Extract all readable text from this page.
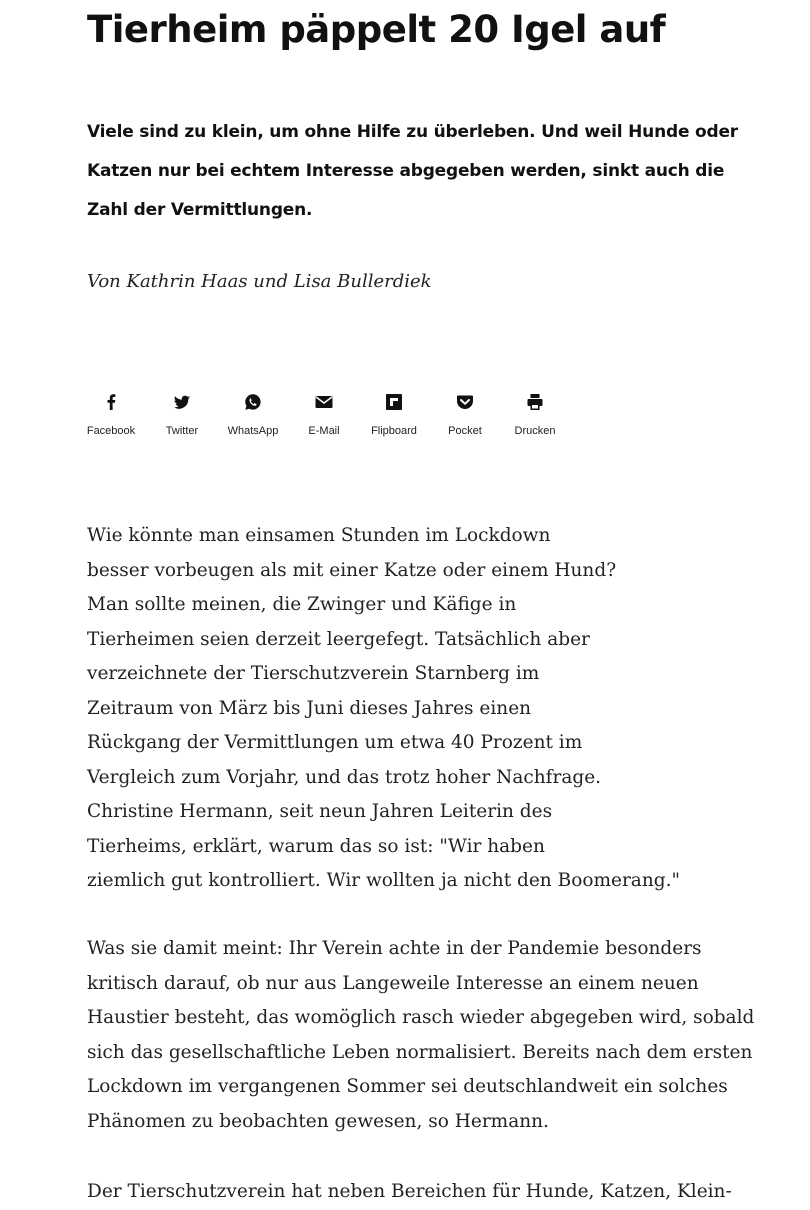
Tierheim päppelt 20 Igel auf

Viele sind zu klein, um ohne Hilfe zu überleben. Und weil Hunde oder
Katzen nur bei echtem Interesse abgegeben werden, sinkt auch die
Zahl der Vermittlungen.

Von Kathrin Haas und Lisa Bullerdiek

Facebook	Twitter	WhatsApp	E-Mail	Flipboard	Pocket	Drucken
Wie könnte man einsamen Stunden im Lockdown
besser vorbeugen als mit einer Katze oder einem Hund?
Man sollte meinen, die Zwinger und Käfige in
Tierheimen seien derzeit leergefegt. Tatsächlich aber
verzeichnete der Tierschutzverein Starnberg im
Zeitraum von März bis Juni dieses Jahres einen
Rückgang der Vermittlungen um etwa 40 Prozent im
Vergleich zum Vorjahr, und das trotz hoher Nachfrage.
Christine Hermann, seit neun Jahren Leiterin des
Tierheims, erklärt, warum das so ist: "Wir haben
ziemlich gut kontrolliert. Wir wollten ja nicht den Boomerang."
Was sie damit meint: Ihr Verein achte in der Pandemie besonders
kritisch darauf, ob nur aus Langeweile Interesse an einem neuen
Haustier besteht, das womöglich rasch wieder abgegeben wird, sobald
sich das gesellschaftliche Leben normalisiert. Bereits nach dem ersten
Lockdown im vergangenen Sommer sei deutschlandweit ein solches
Phänomen zu beobachten gewesen, so Hermann.
Der Tierschutzverein hat neben Bereichen für Hunde, Katzen, Klein-
